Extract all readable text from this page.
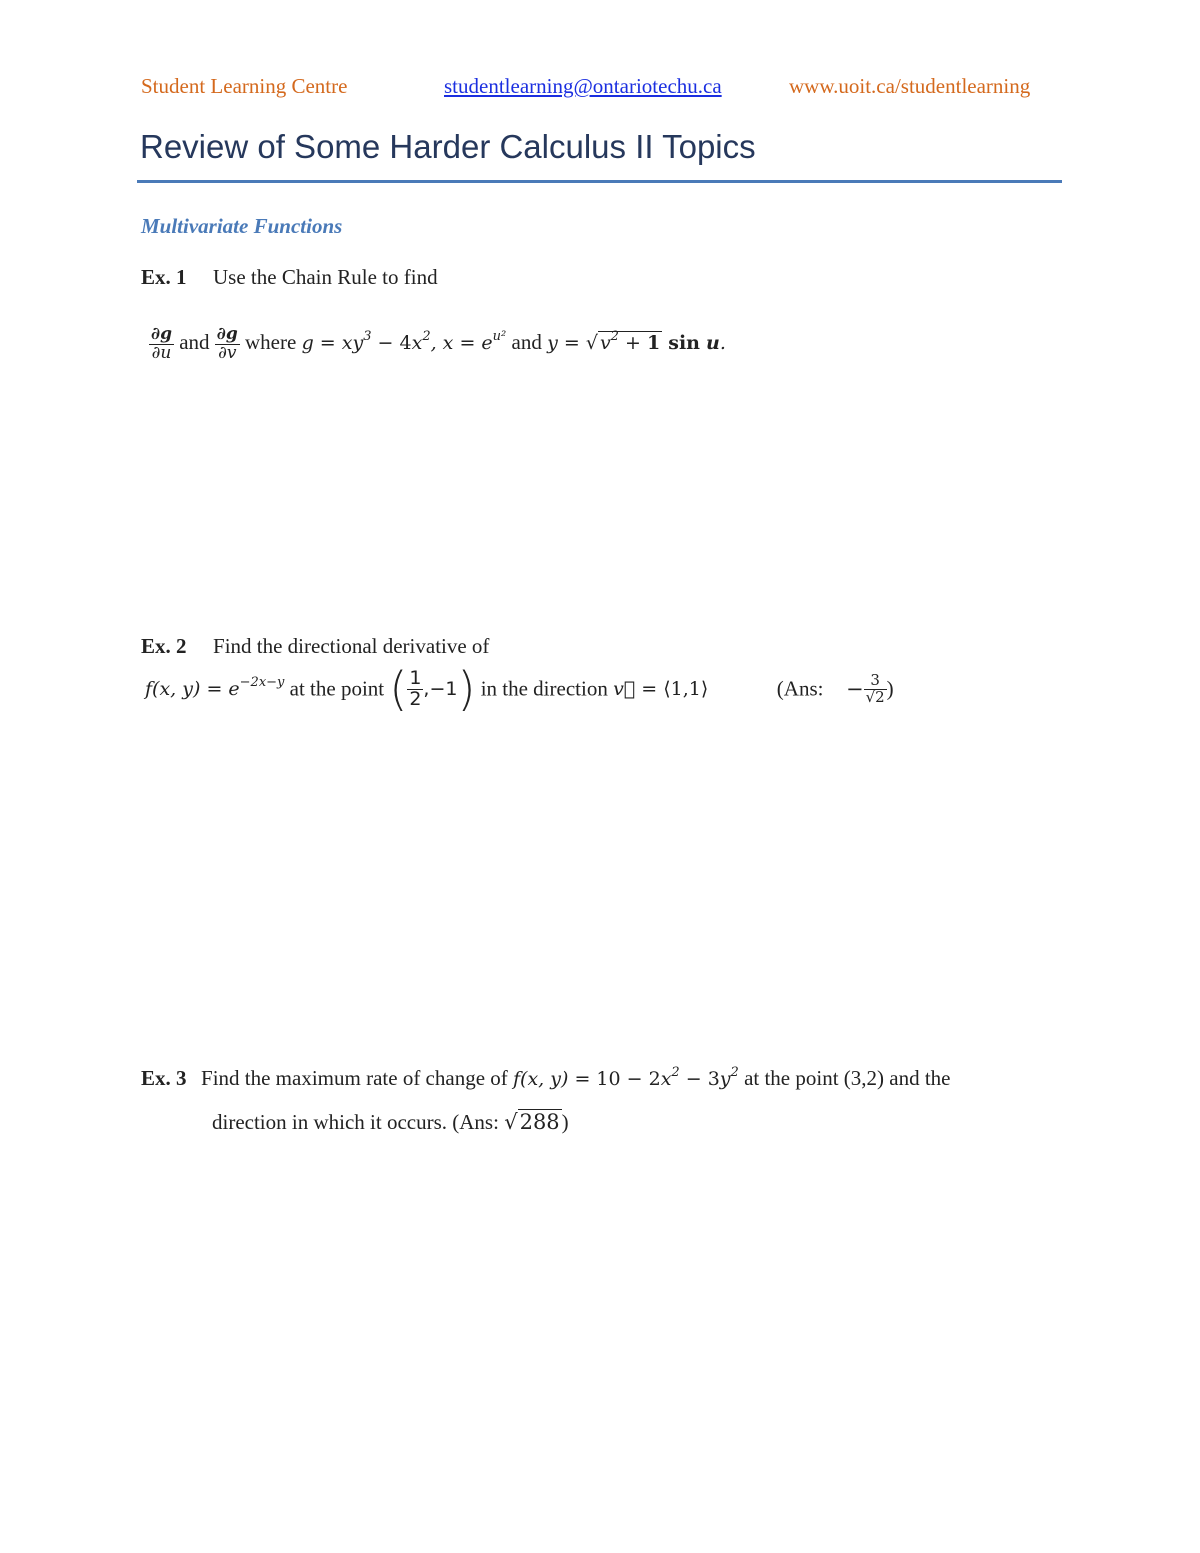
Student Learning Centre	studentlearning@ontariotechu.ca	www.uoit.ca/studentlearning
Review of Some Harder Calculus II Topics
Multivariate Functions
Ex. 1 Use the Chain Rule to find
$\frac{\partial g}{\partial u}$ and $\frac{\partial g}{\partial v}$ where $g = xy^3 - 4x^2$, $x = e^{u^2}$ and y = √ $v^2 + 1$ sin u.
Ex. 2 Find the directional derivative of
f(x, $y) = e^{-2x-y}$ at the point ( $\frac{1}{2} ,-1$) in the direction v⃗ = ⟨1,1⟩	(Ans: − $\frac{3}{√2}$ )
Ex. 3 Find the maximum rate of change of f(x, $y) = 10 - 2x^2 - 3y^2$ at the point (3,2) and the
direction in which it occurs. (Ans: √288)
